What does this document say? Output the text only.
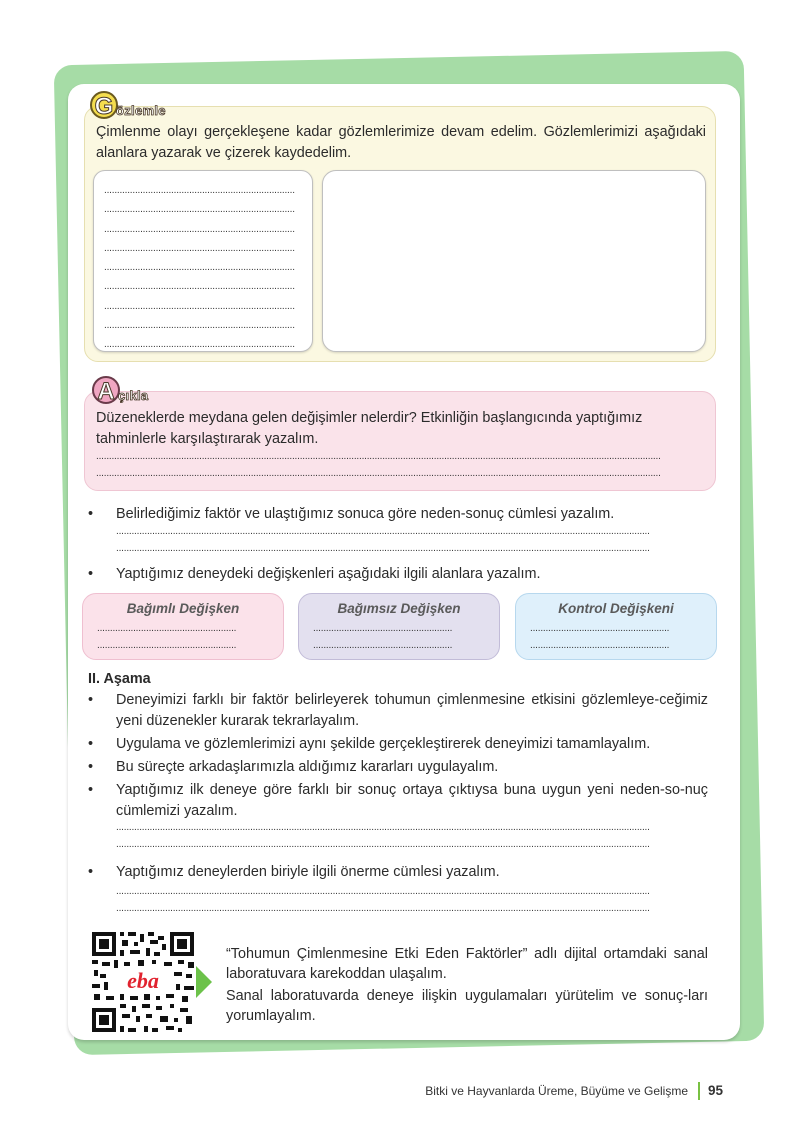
G özlemle

Çimlenme olayı gerçekleşene kadar gözlemlerimize devam edelim. Gözlemlerimizi aşağıdaki alanlara yazarak ve çizerek kaydedelim.

..........................................................................
..........................................................................
..........................................................................
..........................................................................
..........................................................................
..........................................................................
..........................................................................
..........................................................................
..........................................................................
A çıkla

Düzeneklerde meydana gelen değişimler nelerdir? Etkinliğin başlangıcında yaptığımız tahminlerle karşılaştırarak yazalım.

...........................................................................................................................................................................................................................
...........................................................................................................................................................................................................................
• Belirlediğimiz faktör ve ulaştığımız sonuca göre neden-sonuç cümlesi yazalım.
...............................................................................................................................................................................................................
...............................................................................................................................................................................................................
• Yaptığımız deneydeki değişkenleri aşağıdaki ilgili alanlara yazalım.
Bağımlı Değişken
......................................................
......................................................
Bağımsız Değişken
......................................................
......................................................
Kontrol Değişkeni
......................................................
......................................................
II. Aşama
• Deneyimizi farklı bir faktör belirleyerek tohumun çimlenmesine etkisini gözlemleye-ceğimiz yeni düzenekler kurarak tekrarlayalım.
• Uygulama ve gözlemlerimizi aynı şekilde gerçekleştirerek deneyimizi tamamlayalım.
• Bu süreçte arkadaşlarımızla aldığımız kararları uygulayalım.
• Yaptığımız ilk deneye göre farklı bir sonuç ortaya çıktıysa buna uygun yeni neden-so-nuç cümlemizi yazalım.
...............................................................................................................................................................................................................
...............................................................................................................................................................................................................
• Yaptığımız deneylerden biriyle ilgili önerme cümlesi yazalım.
...............................................................................................................................................................................................................
...............................................................................................................................................................................................................
eba

“Tohumun Çimlenmesine Etki Eden Faktörler” adlı dijital ortamdaki sanal laboratuvara karekoddan ulaşalım.

Sanal laboratuvarda deneye ilişkin uygulamaları yürütelim ve sonuç-ları yorumlayalım.

Bitki ve Hayvanlarda Üreme, Büyüme ve Gelişme 95
